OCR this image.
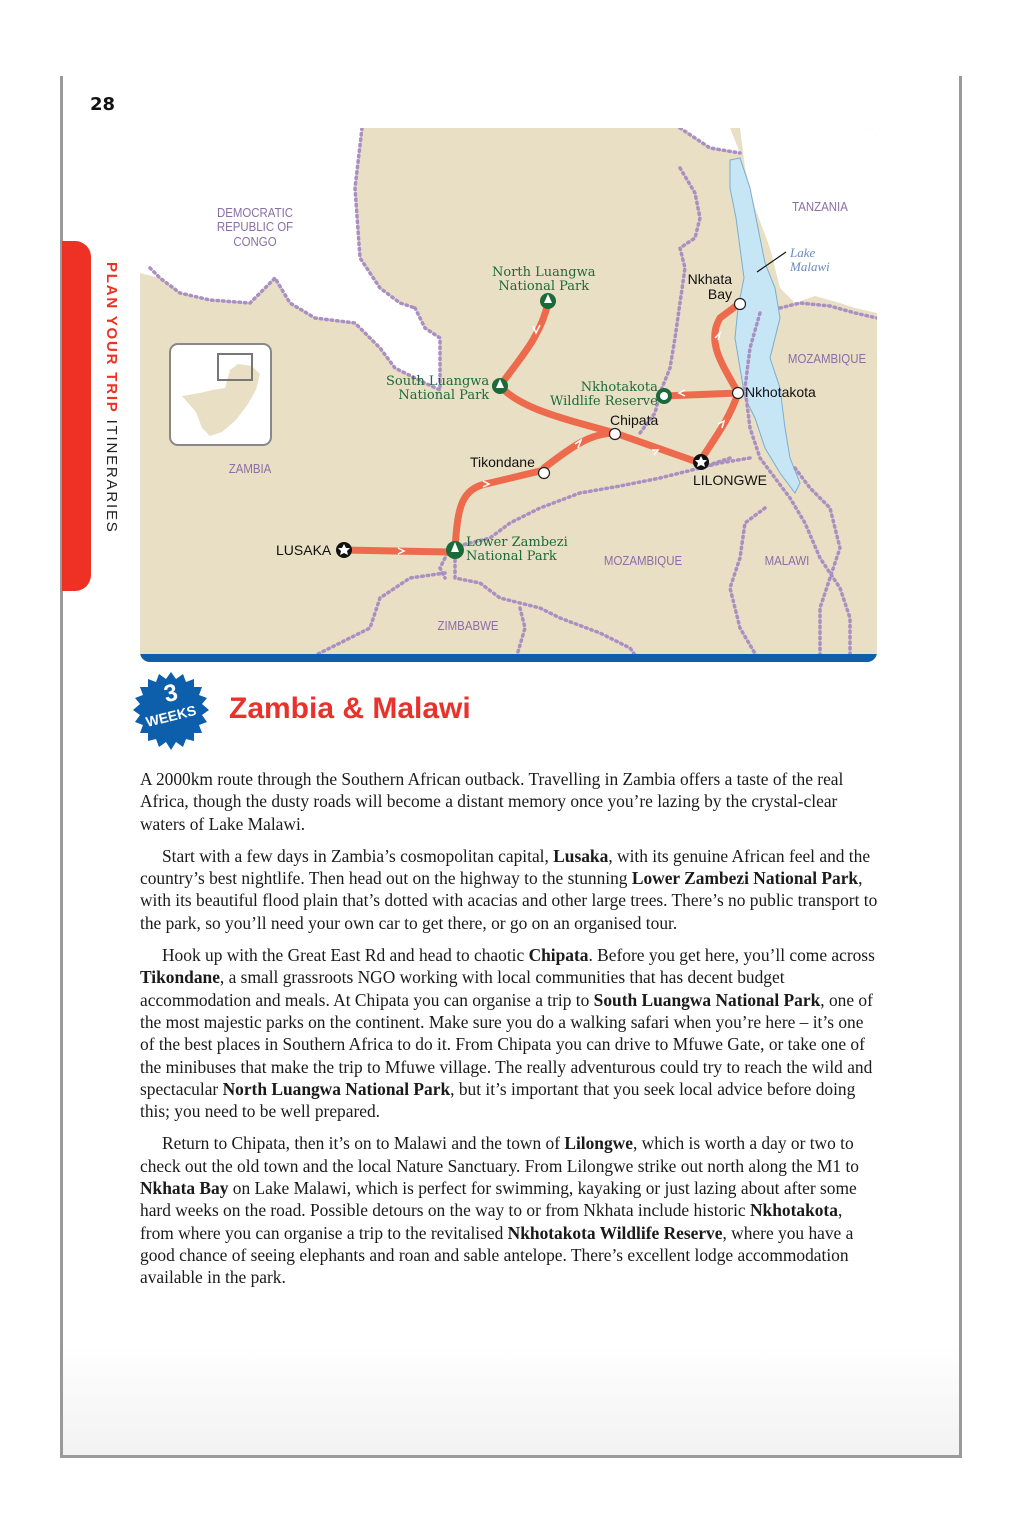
28
PLAN YOUR TRIP ITINERARIES
DEMOCRATIC
REPUBLIC OF
CONGO
TANZANIA
ZAMBIA
MOZAMBIQUE
MOZAMBIQUE	MALAWI
ZIMBABWE
Lake
Malawi
North Luangwa
National Park
South Luangwa
National Park
Nkhotakota
Wildlife Reserve
Lower Zambezi
National Park
Nkhata
Bay
Nkhotakota
Chipata
Tikondane
LILONGWE
LUSAKA
3
WEEKS	Zambia & Malawi

A 2000km route through the Southern African outback. Travelling in Zambia offers a taste of the real Africa, though the dusty roads will become a distant memory once you’re lazing by the crystal-clear waters of Lake Malawi.

Start with a few days in Zambia’s cosmopolitan capital, Lusaka, with its genuine African feel and the country’s best nightlife. Then head out on the highway to the stunning Lower Zambezi National Park, with its beautiful flood plain that’s dotted with acacias and other large trees. There’s no public transport to the park, so you’ll need your own car to get there, or go on an organised tour.

Hook up with the Great East Rd and head to chaotic Chipata. Before you get here, you’ll come across Tikondane, a small grassroots NGO working with local communities that has decent budget accommodation and meals. At Chipata you can organise a trip to South Luangwa National Park, one of the most majestic parks on the continent. Make sure you do a walking safari when you’re here – it’s one of the best places in Southern Africa to do it. From Chipata you can drive to Mfuwe Gate, or take one of the minibuses that make the trip to Mfuwe village. The really adventurous could try to reach the wild and spectacular North Luangwa National Park, but it’s important that you seek local advice before doing this; you need to be well prepared.

Return to Chipata, then it’s on to Malawi and the town of Lilongwe, which is worth a day or two to check out the old town and the local Nature Sanctuary. From Lilongwe strike out north along the M1 to Nkhata Bay on Lake Malawi, which is perfect for swimming, kayaking or just lazing about after some hard weeks on the road. Possible detours on the way to or from Nkhata include historic Nkhotakota, from where you can organise a trip to the revitalised Nkhotakota Wildlife Reserve, where you have a good chance of seeing elephants and roan and sable antelope. There’s excellent lodge accommodation available in the park.
